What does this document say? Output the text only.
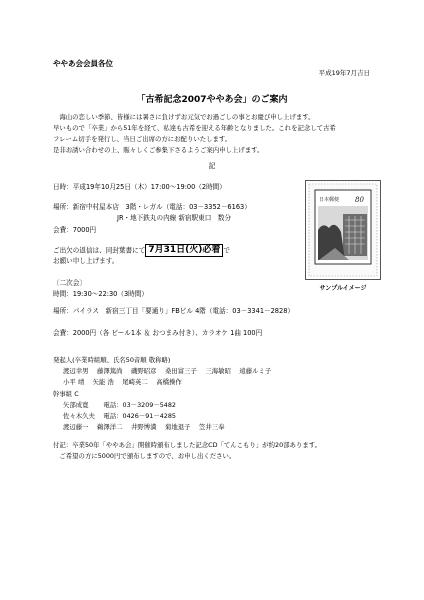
ややあ会会員各位
平成19年7月吉日
「古希記念2007ややあ会」のご案内
　海山の恋しい季節、皆様には暑さに負けずお元気でお過ごしの事とお慶び申し上げます。
早いもので「卒業」から51年を経て、私達も古希を迎える年齢となりました。これを記念して古希
フレーム切手を発行し、当日ご出席の方にお配りいたします。
是非お誘い合わせの上、賑々しくご参集下さるようご案内申し上げます。
記
日時：平成19年10月25日（木）17:00～19:00（2時間）
場所：新宿中村屋本店　3階・レガル（電話：03－3352－6163）
JR・地下鉄丸の内線 新宿駅東口　数分
会費：7000円
ご出欠の返信は、同封葉書にて 7月31日(火)必着 で
お願い申し上げます。
日本郵便 80
サンプルイメージ
〔二次会〕
時間：19:30～22:30（3時間）
場所：パイラス　新宿三丁目「要通り」FBビル 4階（電話：03－3341－2828）
会費：2000円（各 ビール1本 ＆ おつまみ付き）、カラオケ 1曲 100円
発起人(卒業時組順、氏名50音順 敬称略)
渡辺幸男　 藤澤篤尚　 磯野昭彦　 桑田富三子　 三海敏昭　 遠藤ルミ子
小平 靖　 矢能 浩　 尾崎英二　 高橋操作
幹事組 C
矢部成寛　　 電話：03－3209－5482
佐々木久夫　 電話：0426－91－4285
渡辺藤一　 鵜澤洋二　 井野博満　 菊地退子　 笠井三奉
付記：卒業50年「ややあ会」開催時頒布しました記念CD「てんこもり」が約20部あります。
　ご希望の方に5000円で頒布しますので、お申し出ください。
